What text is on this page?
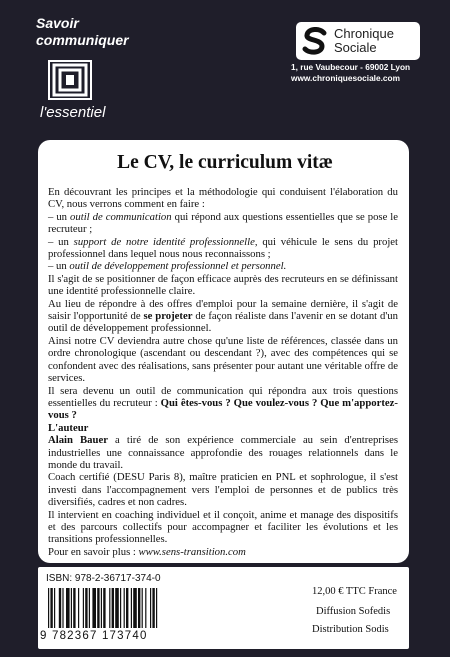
Savoir
communiquer
l'essentiel
Chronique
Sociale
1, rue Vaubecour - 69002 Lyon
www.chroniquesociale.com
Le CV, le curriculum vitæ

En découvrant les principes et la méthodologie qui conduisent l'élaboration du CV, nous verrons comment en faire :

– un outil de communication qui répond aux questions essentielles que se pose le recruteur ;

– un support de notre identité professionnelle, qui véhicule le sens du projet professionnel dans lequel nous nous reconnaissons ;

– un outil de développement professionnel et personnel.

Il s'agit de se positionner de façon efficace auprès des recruteurs en se définissant une identité professionnelle claire.

Au lieu de répondre à des offres d'emploi pour la semaine dernière, il s'agit de saisir l'opportunité de se projeter de façon réaliste dans l'avenir en se dotant d'un outil de développement professionnel.

Ainsi notre CV deviendra autre chose qu'une liste de références, classée dans un ordre chronologique (ascendant ou descendant ?), avec des compétences qui se confondent avec des réalisations, sans présenter pour autant une véritable offre de services.

Il sera devenu un outil de communication qui répondra aux trois questions essentielles du recruteur : Qui êtes-vous ? Que voulez-vous ? Que m'apportez-vous ?

L'auteur

Alain Bauer a tiré de son expérience commerciale au sein d'entreprises industrielles une connaissance approfondie des rouages relationnels dans le monde du travail.

Coach certifié (DESU Paris 8), maître praticien en PNL et sophrologue, il s'est investi dans l'accompagnement vers l'emploi de personnes et de publics très diversifiés, cadres et non cadres.

Il intervient en coaching individuel et il conçoit, anime et manage des dispositifs et des parcours collectifs pour accompagner et faciliter les évolutions et les transitions professionnelles.

Pour en savoir plus : www.sens-transition.com

ISBN: 978-2-36717-374-0
9 782367 173740
12,00 € TTC France
Diffusion Sofedis
Distribution Sodis
